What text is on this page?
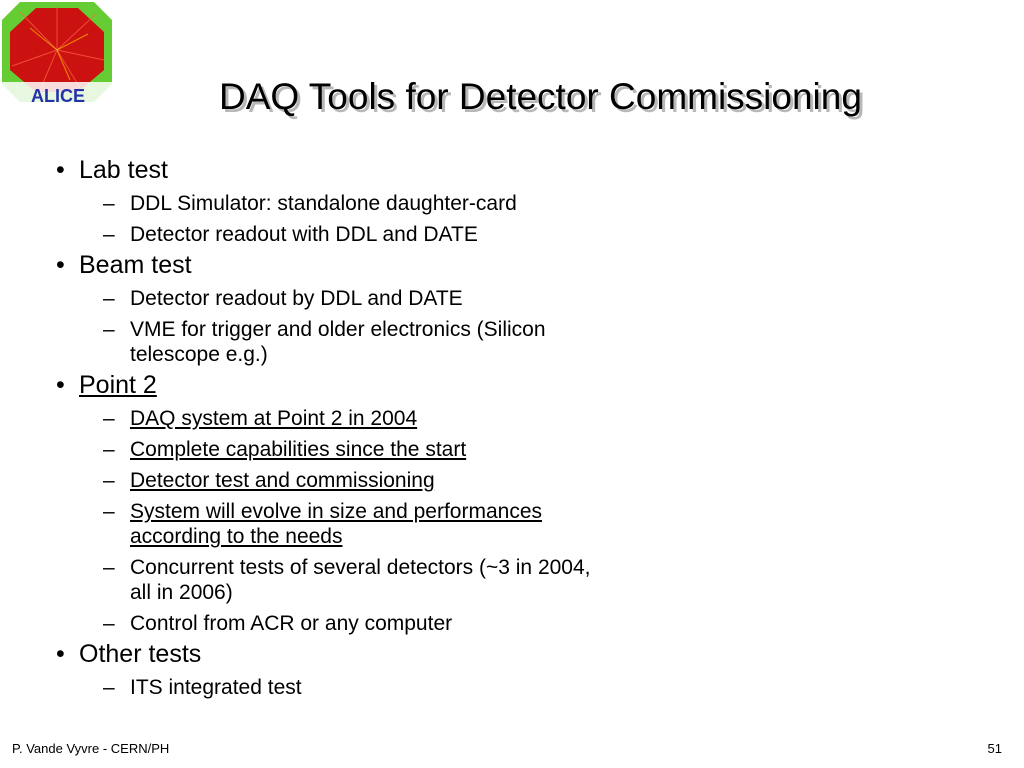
ALICE	DAQ Tools for Detector Commissioning
• Lab test
– DDL Simulator: standalone daughter-card
– Detector readout with DDL and DATE
• Beam test
– Detector readout by DDL and DATE
– VME for trigger and older electronics (Silicon telescope e.g.)
• Point 2
– DAQ system at Point 2 in 2004
– Complete capabilities since the start
– Detector test and commissioning
– System will evolve in size and performances according to the needs
– Concurrent tests of several detectors (~3 in 2004, all in 2006)
– Control from ACR or any computer
• Other tests
– ITS integrated test
P. Vande Vyvre - CERN/PH	51
